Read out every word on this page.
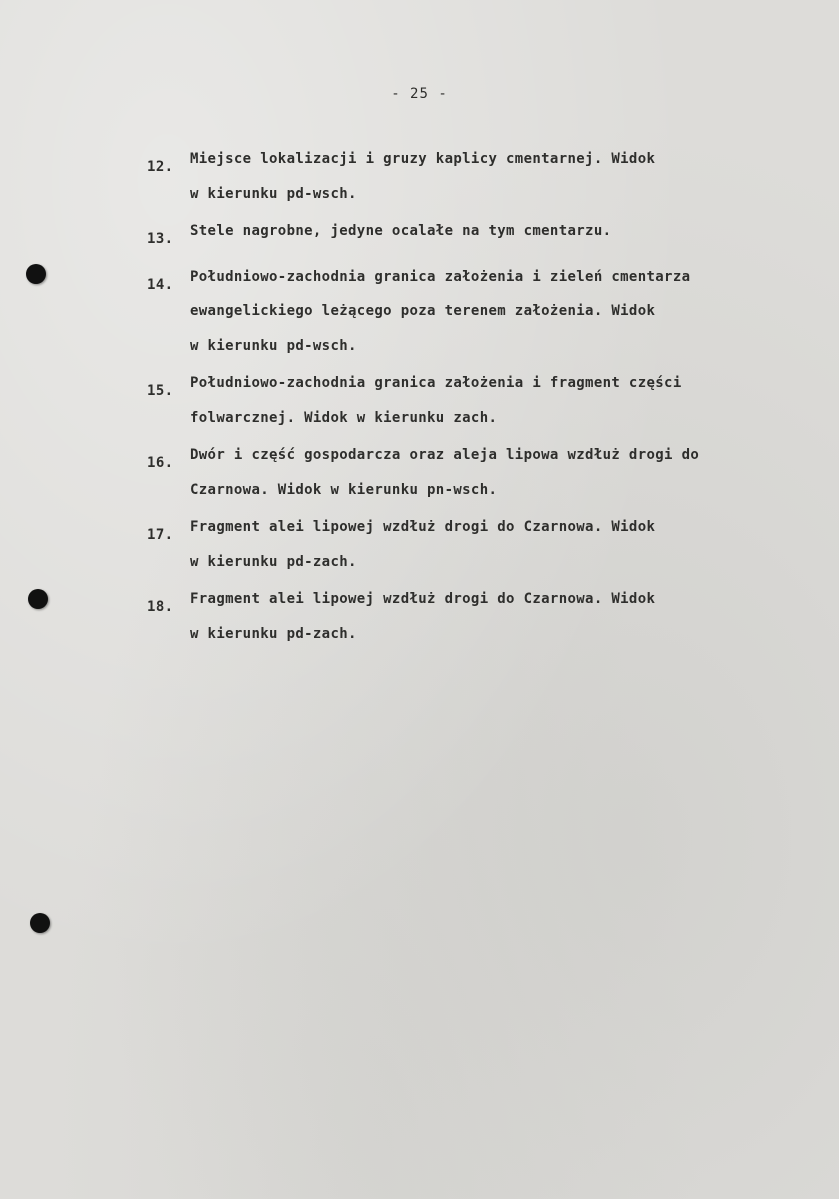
- 25 -
12.	Miejsce lokalizacji i gruzy kaplicy cmentarnej. Widok
w kierunku pd-wsch.
13.	Stele nagrobne, jedyne ocalałe na tym cmentarzu.
14.	Południowo-zachodnia granica założenia i zieleń cmentarza
ewangelickiego leżącego poza terenem założenia. Widok
w kierunku pd-wsch.
15.	Południowo-zachodnia granica założenia i fragment części
folwarcznej. Widok w kierunku zach.
16.	Dwór i część gospodarcza oraz aleja lipowa wzdłuż drogi do
Czarnowa. Widok w kierunku pn-wsch.
17.	Fragment alei lipowej wzdłuż drogi do Czarnowa. Widok
w kierunku pd-zach.
18.	Fragment alei lipowej wzdłuż drogi do Czarnowa. Widok
w kierunku pd-zach.
